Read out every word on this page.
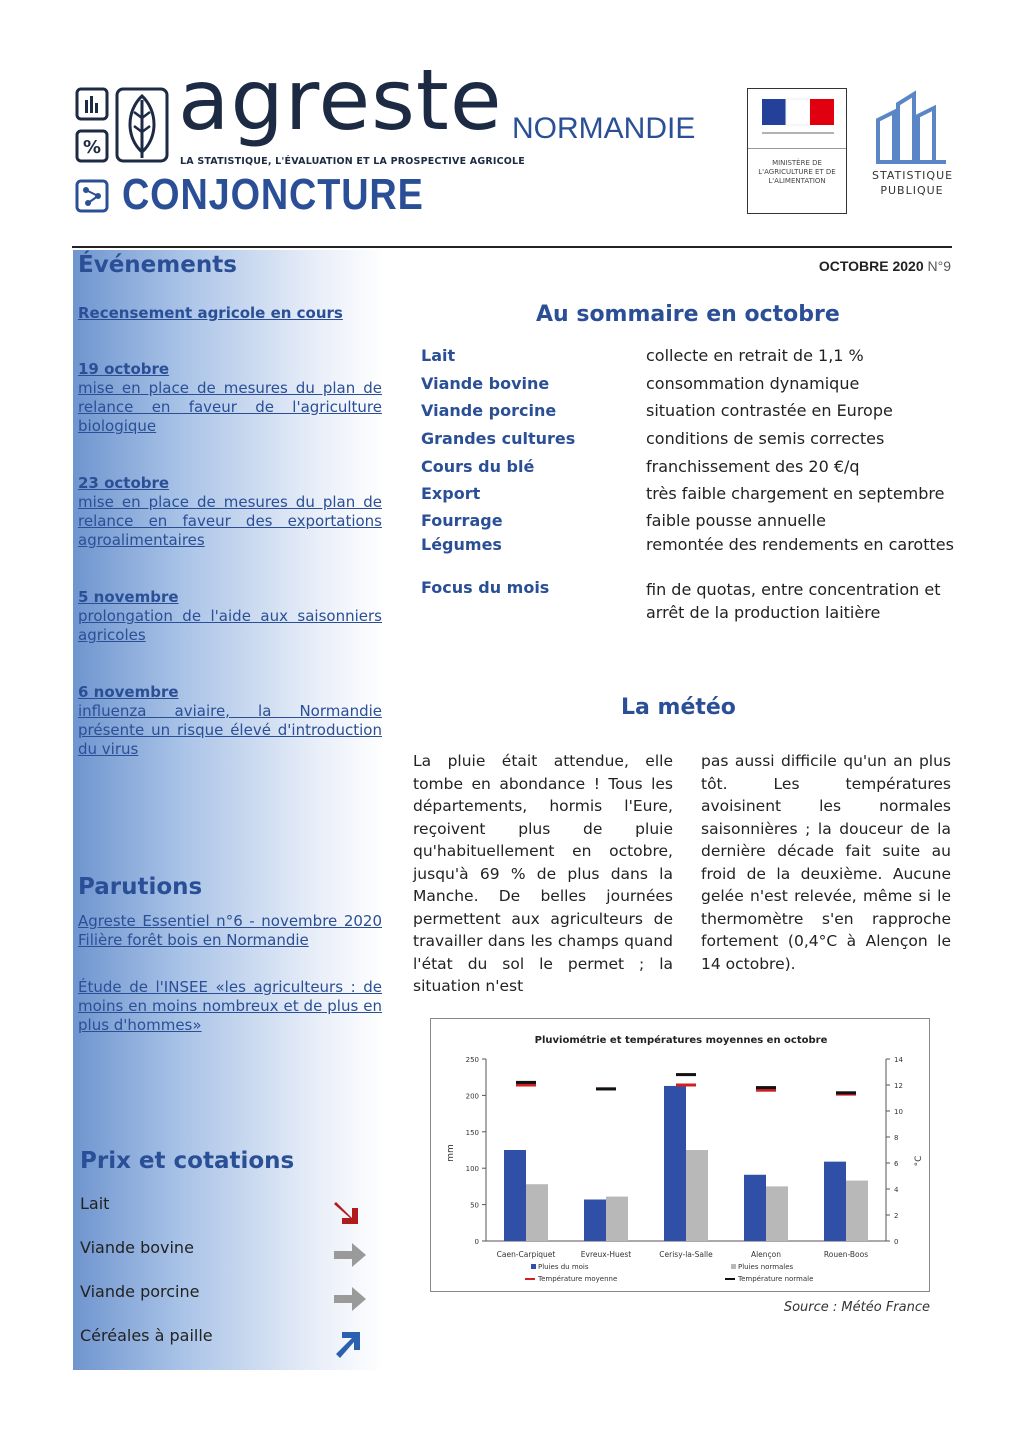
% agreste
LA STATISTIQUE, L'ÉVALUATION ET LA PROSPECTIVE AGRICOLE
CONJONCTURE
NORMANDIE
MINISTÈRE DE L'AGRICULTURE ET DE L'ALIMENTATION	STATISTIQUE
PUBLIQUE
OCTOBRE 2020 N°9
Événements
Recensement agricole en cours
19 octobre
mise en place de mesures du plan de relance en faveur de l'agriculture biologique
23 octobre
mise en place de mesures du plan de relance en faveur des exportations agroalimentaires
5 novembre
prolongation de l'aide aux saisonniers agricoles
6 novembre
influenza aviaire, la Normandie présente un risque élevé d'introduction du virus
Parutions
Agreste Essentiel n°6 - novembre 2020 Filière forêt bois en Normandie
Étude de l'INSEE «les agriculteurs : de moins en moins nombreux et de plus en plus d'hommes»
Prix et cotations
Lait
Viande bovine
Viande porcine
Céréales à paille
Au sommaire en octobre
Lait	collecte en retrait de 1,1 %
Viande bovine	consommation dynamique
Viande porcine	situation contrastée en Europe
Grandes cultures	conditions de semis correctes
Cours du blé	franchissement des 20 €/q
Export	très faible chargement en septembre
Fourrage	faible pousse annuelle
Légumes	remontée des rendements en carottes
Focus du mois	fin de quotas, entre concentration et arrêt de la production laitière
La météo
La pluie était attendue, elle tombe en abondance ! Tous les départements, hormis l'Eure, reçoivent plus de pluie qu'habituellement en octobre, jusqu'à 69 % de plus dans la Manche. De belles journées permettent aux agriculteurs de travailler dans les champs quand l'état du sol le permet ; la situation n'est
pas aussi difficile qu'un an plus tôt. Les températures avoisinent les normales saisonnières ; la douceur de la dernière décade fait suite au froid de la deuxième. Aucune gelée n'est relevée, même si le thermomètre s'en rapproche fortement (0,4°C à Alençon le 14 octobre).
Pluviométrie et températures moyennes en octobre
mm	°C
0
50
100
150
200
250
0
2
4
6
8
10
12
14
Caen-Carpiquet	Evreux-Huest	Cerisy-la-Salle	Alençon	Rouen-Boos
Pluies du mois	Pluies normales
Température moyenne	Température normale
Source : Météo France
